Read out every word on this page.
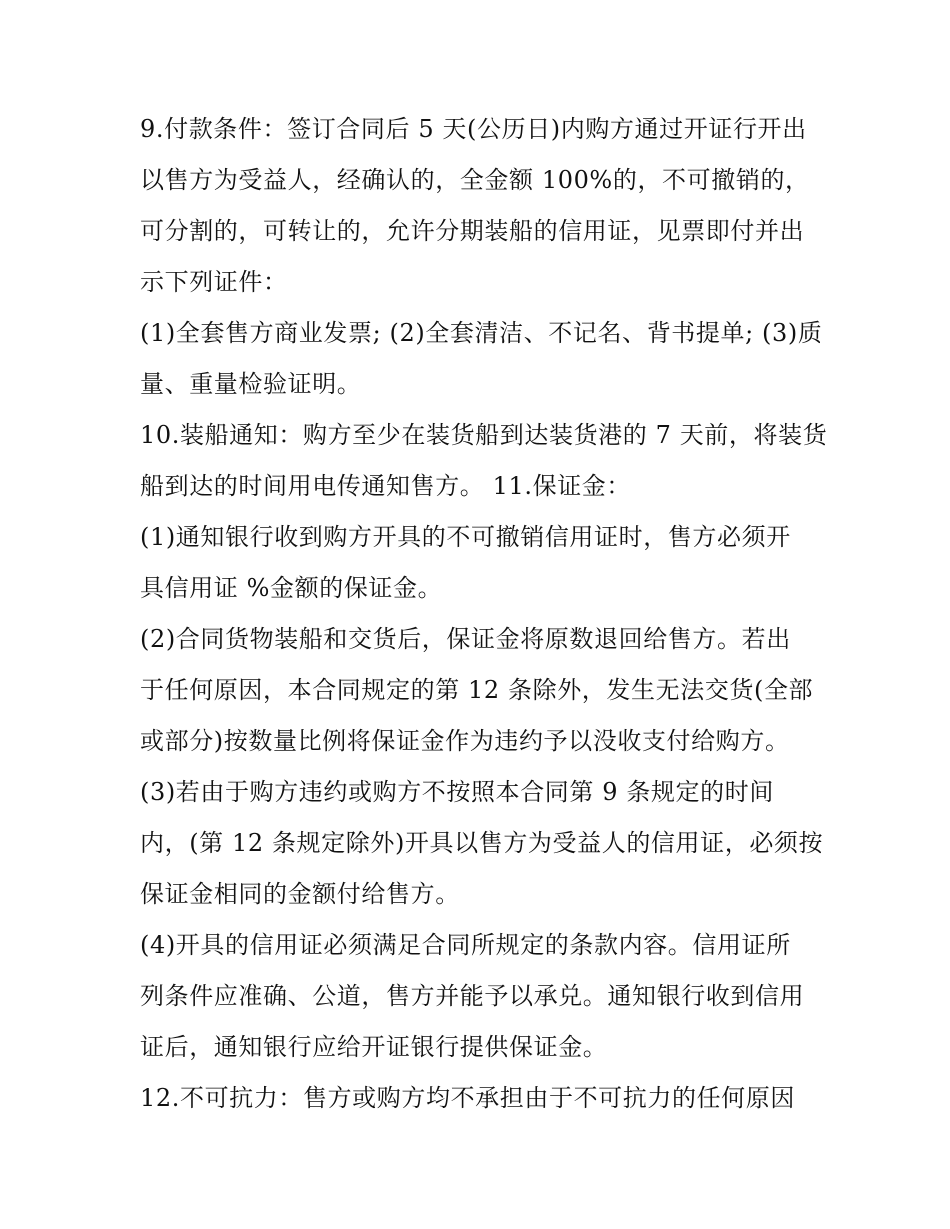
9.付款条件：签订合同后 5 天(公历日)内购方通过开证行开出
以售方为受益人，经确认的，全金额 100%的，不可撤销的，
可分割的，可转让的，允许分期装船的信用证，见票即付并出
示下列证件：
(1)全套售方商业发票; (2)全套清洁、不记名、背书提单; (3)质
量、重量检验证明。
10.装船通知：购方至少在装货船到达装货港的 7 天前，将装货
船到达的时间用电传通知售方。 11.保证金：
(1)通知银行收到购方开具的不可撤销信用证时，售方必须开
具信用证 %金额的保证金。
(2)合同货物装船和交货后，保证金将原数退回给售方。若出
于任何原因，本合同规定的第 12 条除外，发生无法交货(全部
或部分)按数量比例将保证金作为违约予以没收支付给购方。
(3)若由于购方违约或购方不按照本合同第 9 条规定的时间
内，(第 12 条规定除外)开具以售方为受益人的信用证，必须按
保证金相同的金额付给售方。
(4)开具的信用证必须满足合同所规定的条款内容。信用证所
列条件应准确、公道，售方并能予以承兑。通知银行收到信用
证后，通知银行应给开证银行提供保证金。
12.不可抗力：售方或购方均不承担由于不可抗力的任何原因
